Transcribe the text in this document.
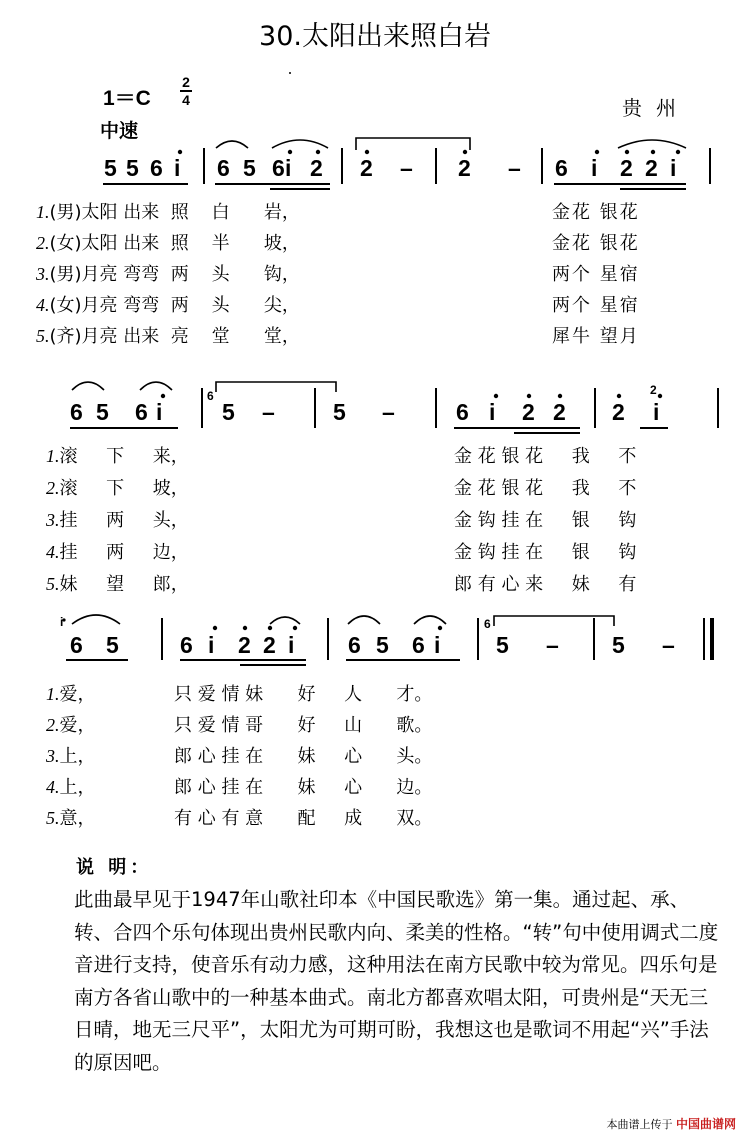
30.太阳出来照白岩
1＝C
2
4
中速
贵州
5 5 6 i 6 5 6 i 2 2 – 2 – 6 i 2 2 i
2
6
6 5 6 i	5 –	5 –	6 i 2 2 2 i
i	6
6 5	6 i 2 2 i 6 5 6 i 5 – 5 –
1.(男)太阳 出来  照    白      岩，	金花 银花
2.(女)太阳 出来  照    半      坡，	金花 银花
3.(男)月亮 弯弯  两    头      钩，	两个 星宿
4.(女)月亮 弯弯  两    头      尖，	两个 星宿
5.(齐)月亮 出来  亮    堂      堂，	犀牛 望月
1.滚     下     来，	金 花 银 花     我     不
2.滚     下     坡，	金 花 银 花     我     不
3.挂     两     头，	金 钩 挂 在     银     钩
4.挂     两     边，	金 钩 挂 在     银     钩
5.妹     望     郎，	郎 有 心 来     妹     有
1.爱，	只 爱 情 妹      好     人      才。
2.爱，	只 爱 情 哥      好     山      歌。
3.上，	郎 心 挂 在      妹     心      头。
4.上，	郎 心 挂 在      妹     心      边。
5.意，	有 心 有 意      配     成      双。
说 明：
此曲最早见于1947年山歌社印本《中国民歌选》第一集。通过起、承、转、合四个乐句体现出贵州民歌内向、柔美的性格。“转”句中使用调式二度音进行支持，使音乐有动力感，这种用法在南方民歌中较为常见。四乐句是南方各省山歌中的一种基本曲式。南北方都喜欢唱太阳，可贵州是“天无三日晴，地无三尺平”，太阳尤为可期可盼，我想这也是歌词不用起“兴”手法的原因吧。
本曲谱上传于 中国曲谱网
